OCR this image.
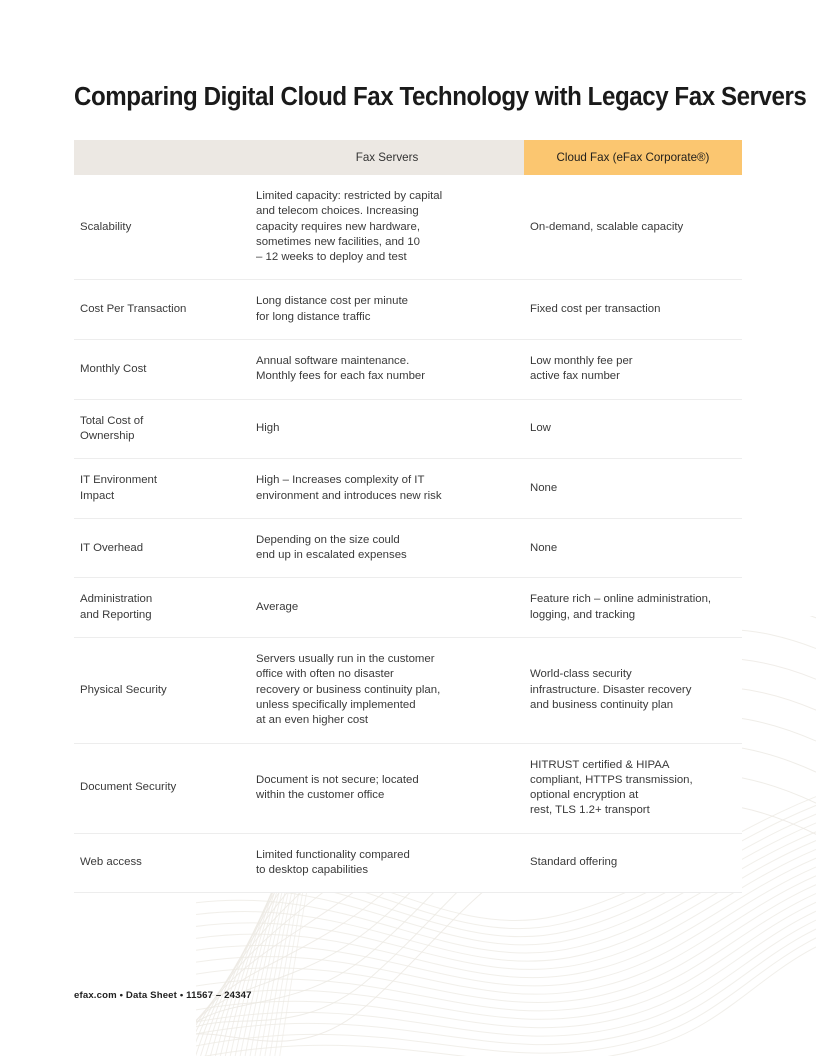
Comparing Digital Cloud Fax Technology with Legacy Fax Servers
	Fax Servers	Cloud Fax (eFax Corporate®)

Scalability	Limited capacity: restricted by capital
and telecom choices. Increasing
capacity requires new hardware,
sometimes new facilities, and 10
– 12 weeks to deploy and test	On-demand, scalable capacity

Cost Per Transaction	Long distance cost per minute
for long distance traffic	Fixed cost per transaction

Monthly Cost	Annual software maintenance.
Monthly fees for each fax number	Low monthly fee per
active fax number

Total Cost of
Ownership	High	Low

IT Environment
Impact	High – Increases complexity of IT
environment and introduces new risk	None

IT Overhead	Depending on the size could
end up in escalated expenses	None

Administration
and Reporting	Average	Feature rich – online administration,
logging, and tracking

Physical Security	Servers usually run in the customer
office with often no disaster
recovery or business continuity plan,
unless specifically implemented
at an even higher cost	World-class security
infrastructure. Disaster recovery
and business continuity plan

Document Security	Document is not secure; located
within the customer office	HITRUST certified & HIPAA
compliant, HTTPS transmission,
optional encryption at
rest, TLS 1.2+ transport

Web access	Limited functionality compared
to desktop capabilities	Standard offering
efax.com • Data Sheet • 11567 – 24347
